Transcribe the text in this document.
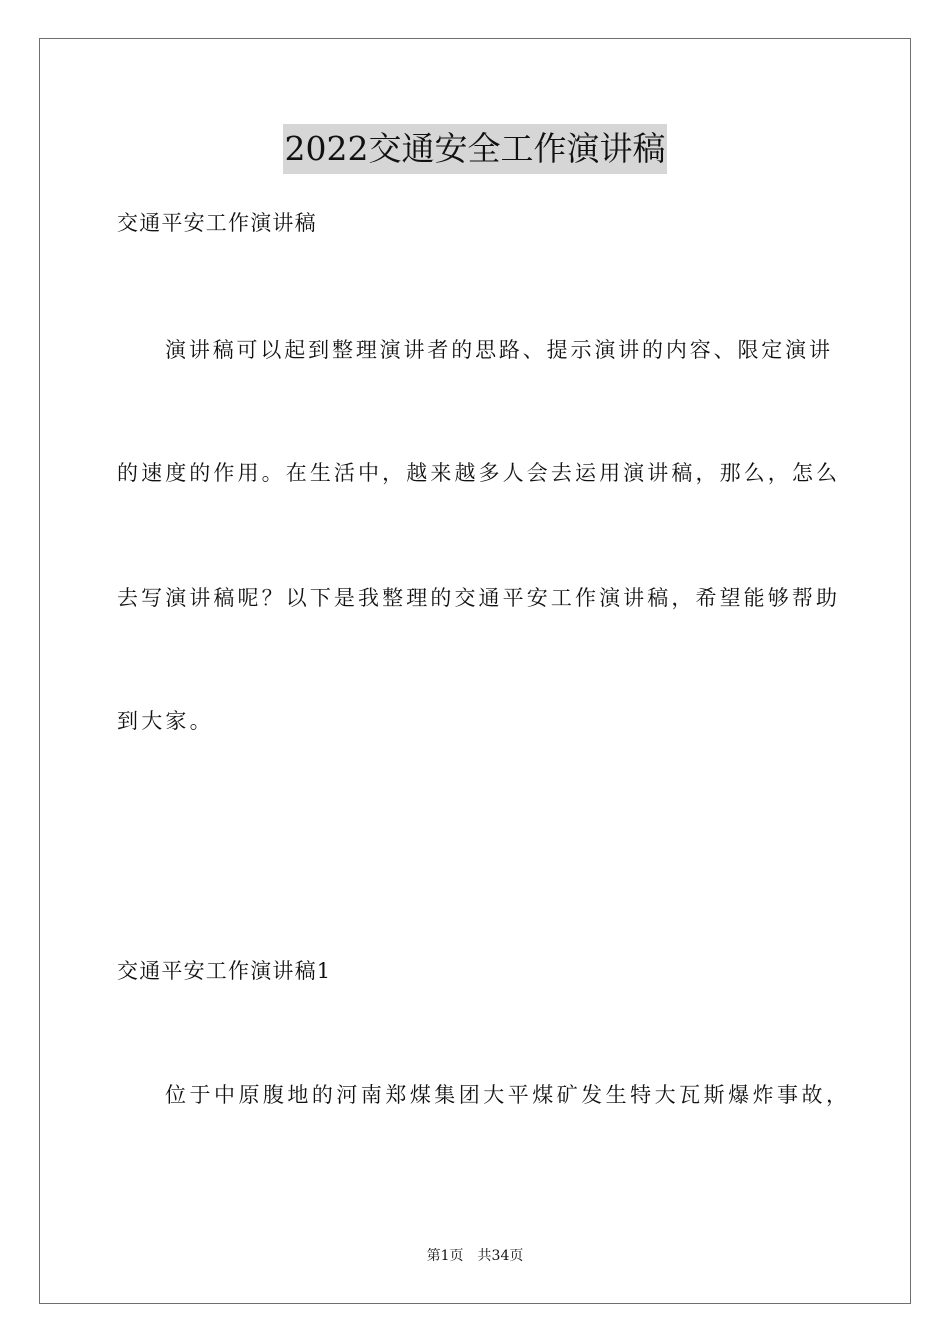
2022交通安全工作演讲稿
交通平安工作演讲稿
演讲稿可以起到整理演讲者的思路、提示演讲的内容、限定演讲
的速度的作用。在生活中，越来越多人会去运用演讲稿，那么，怎么
去写演讲稿呢？以下是我整理的交通平安工作演讲稿，希望能够帮助
到大家。
交通平安工作演讲稿1
位于中原腹地的河南郑煤集团大平煤矿发生特大瓦斯爆炸事故，
第1页 共34页
